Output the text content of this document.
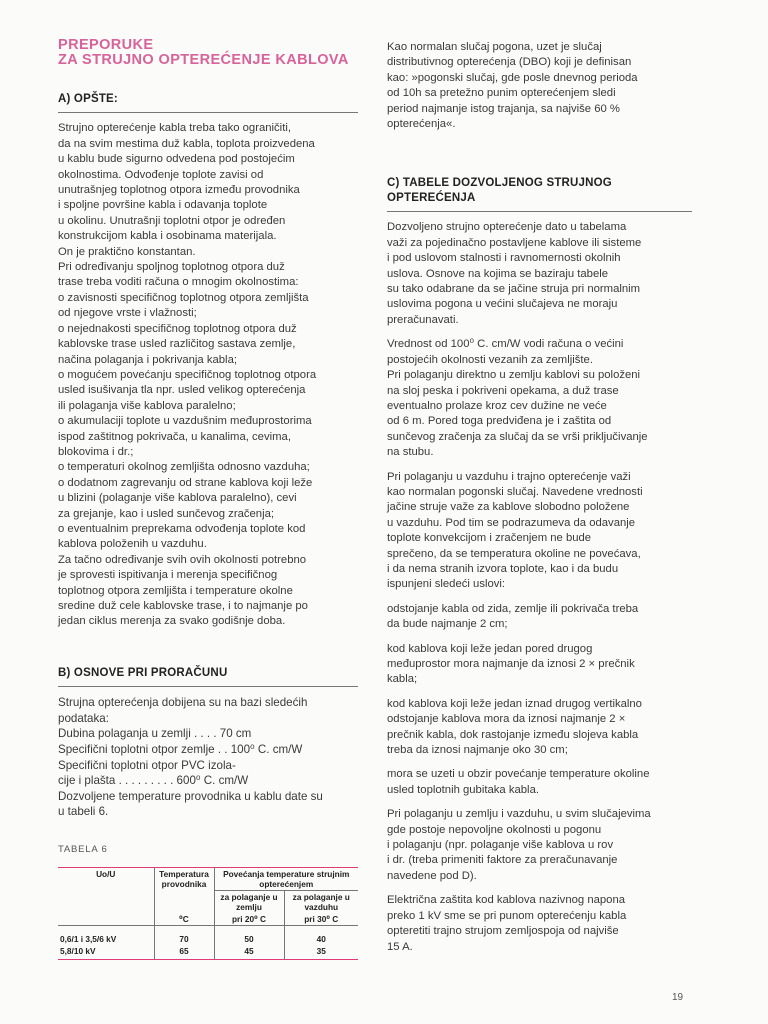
PREPORUKE
ZA STRUJNO OPTEREĆENJE KABLOVA
A) OPŠTE:

Strujno opterećenje kabla treba tako ograničiti,
da na svim mestima duž kabla, toplota proizvedena
u kablu bude sigurno odvedena pod postojećim
okolnostima. Odvođenje toplote zavisi od
unutrašnjeg toplotnog otpora između provodnika
i spoljne površine kabla i odavanja toplote
u okolinu. Unutrašnji toplotni otpor je određen
konstrukcijom kabla i osobinama materijala.
On je praktično konstantan.
Pri određivanju spoljnog toplotnog otpora duž
trase treba voditi računa o mnogim okolnostima:
o zavisnosti specifičnog toplotnog otpora zemljišta
od njegove vrste i vlažnosti;
o nejednakosti specifičnog toplotnog otpora duž
kablovske trase usled različitog sastava zemlje,
načina polaganja i pokrivanja kabla;
o mogućem povećanju specifičnog toplotnog otpora
usled isušivanja tla npr. usled velikog opterećenja
ili polaganja više kablova paralelno;
o akumulaciji toplote u vazdušnim međuprostorima
ispod zaštitnog pokrivača, u kanalima, cevima,
blokovima i dr.;
o temperaturi okolnog zemljišta odnosno vazduha;
o dodatnom zagrevanju od strane kablova koji leže
u blizini (polaganje više kablova paralelno), cevi
za grejanje, kao i usled sunčevog zračenja;
o eventualnim preprekama odvođenja toplote kod
kablova položenih u vazduhu.
Za tačno određivanje svih ovih okolnosti potrebno
je sprovesti ispitivanja i merenja specifičnog
toplotnog otpora zemljišta i temperature okolne
sredine duž cele kablovske trase, i to najmanje po
jedan ciklus merenja za svako godišnje doba.

B) OSNOVE PRI PRORAČUNU

Strujna opterećenja dobijena su na bazi sledećih
podataka:
Dubina polaganja u zemlji . . . . 70 cm
Specifični toplotni otpor zemlje . . 100⁰ C. cm/W
Specifični toplotni otpor PVC izola-
cije i plašta . . . . . . . . . 600⁰ C. cm/W
Dozvoljene temperature provodnika u kablu date su
u tabeli 6.

TABELA 6
Uo/U	Temperatura provodnika	Povećanja temperature strujnim opterećenjem	
	⁰C	za polaganje u zemlju	za polaganje u vazduhu
		pri 20⁰ C	pri 30⁰ C
0,6/1 i 3,5/6 kV	70	50	40
5,8/10 kV	65	45	35

Kao normalan slučaj pogona, uzet je slučaj
distributivnog opterećenja (DBO) koji je definisan
kao: »pogonski slučaj, gde posle dnevnog perioda
od 10h sa pretežno punim opterećenjem sledi
period najmanje istog trajanja, sa najviše 60 %
opterećenja«.

C) TABELE DOZVOLJENOG STRUJNOG
OPTEREĆENJA

Dozvoljeno strujno opterećenje dato u tabelama
važi za pojedinačno postavljene kablove ili sisteme
i pod uslovom stalnosti i ravnomernosti okolnih
uslova. Osnove na kojima se baziraju tabele
su tako odabrane da se jačine struja pri normalnim
uslovima pogona u većini slučajeva ne moraju
preračunavati.

Vrednost od 100⁰ C. cm/W vodi računa o većini
postojećih okolnosti vezanih za zemljište.
Pri polaganju direktno u zemlju kablovi su položeni
na sloj peska i pokriveni opekama, a duž trase
eventualno prolaze kroz cev dužine ne veće
od 6 m. Pored toga predviđena je i zaštita od
sunčevog zračenja za slučaj da se vrši priključivanje
na stubu.

Pri polaganju u vazduhu i trajno opterećenje važi
kao normalan pogonski slučaj. Navedene vrednosti
jačine struje važe za kablove slobodno položene
u vazduhu. Pod tim se podrazumeva da odavanje
toplote konvekcijom i zračenjem ne bude
sprečeno, da se temperatura okoline ne povećava,
i da nema stranih izvora toplote, kao i da budu
ispunjeni sledeći uslovi:

odstojanje kabla od zida, zemlje ili pokrivača treba
da bude najmanje 2 cm;

kod kablova koji leže jedan pored drugog
međuprostor mora najmanje da iznosi 2 × prečnik
kabla;

kod kablova koji leže jedan iznad drugog vertikalno
odstojanje kablova mora da iznosi najmanje 2 ×
prečnik kabla, dok rastojanje između slojeva kabla
treba da iznosi najmanje oko 30 cm;

mora se uzeti u obzir povećanje temperature okoline
usled toplotnih gubitaka kabla.

Pri polaganju u zemlju i vazduhu, u svim slučajevima
gde postoje nepovoljne okolnosti u pogonu
i polaganju (npr. polaganje više kablova u rov
i dr. (treba primeniti faktore za preračunavanje
navedene pod D).

Električna zaštita kod kablova nazivnog napona
preko 1 kV sme se pri punom opterećenju kabla
opteretiti trajno strujom zemljospoja od najviše
15 A.

19
